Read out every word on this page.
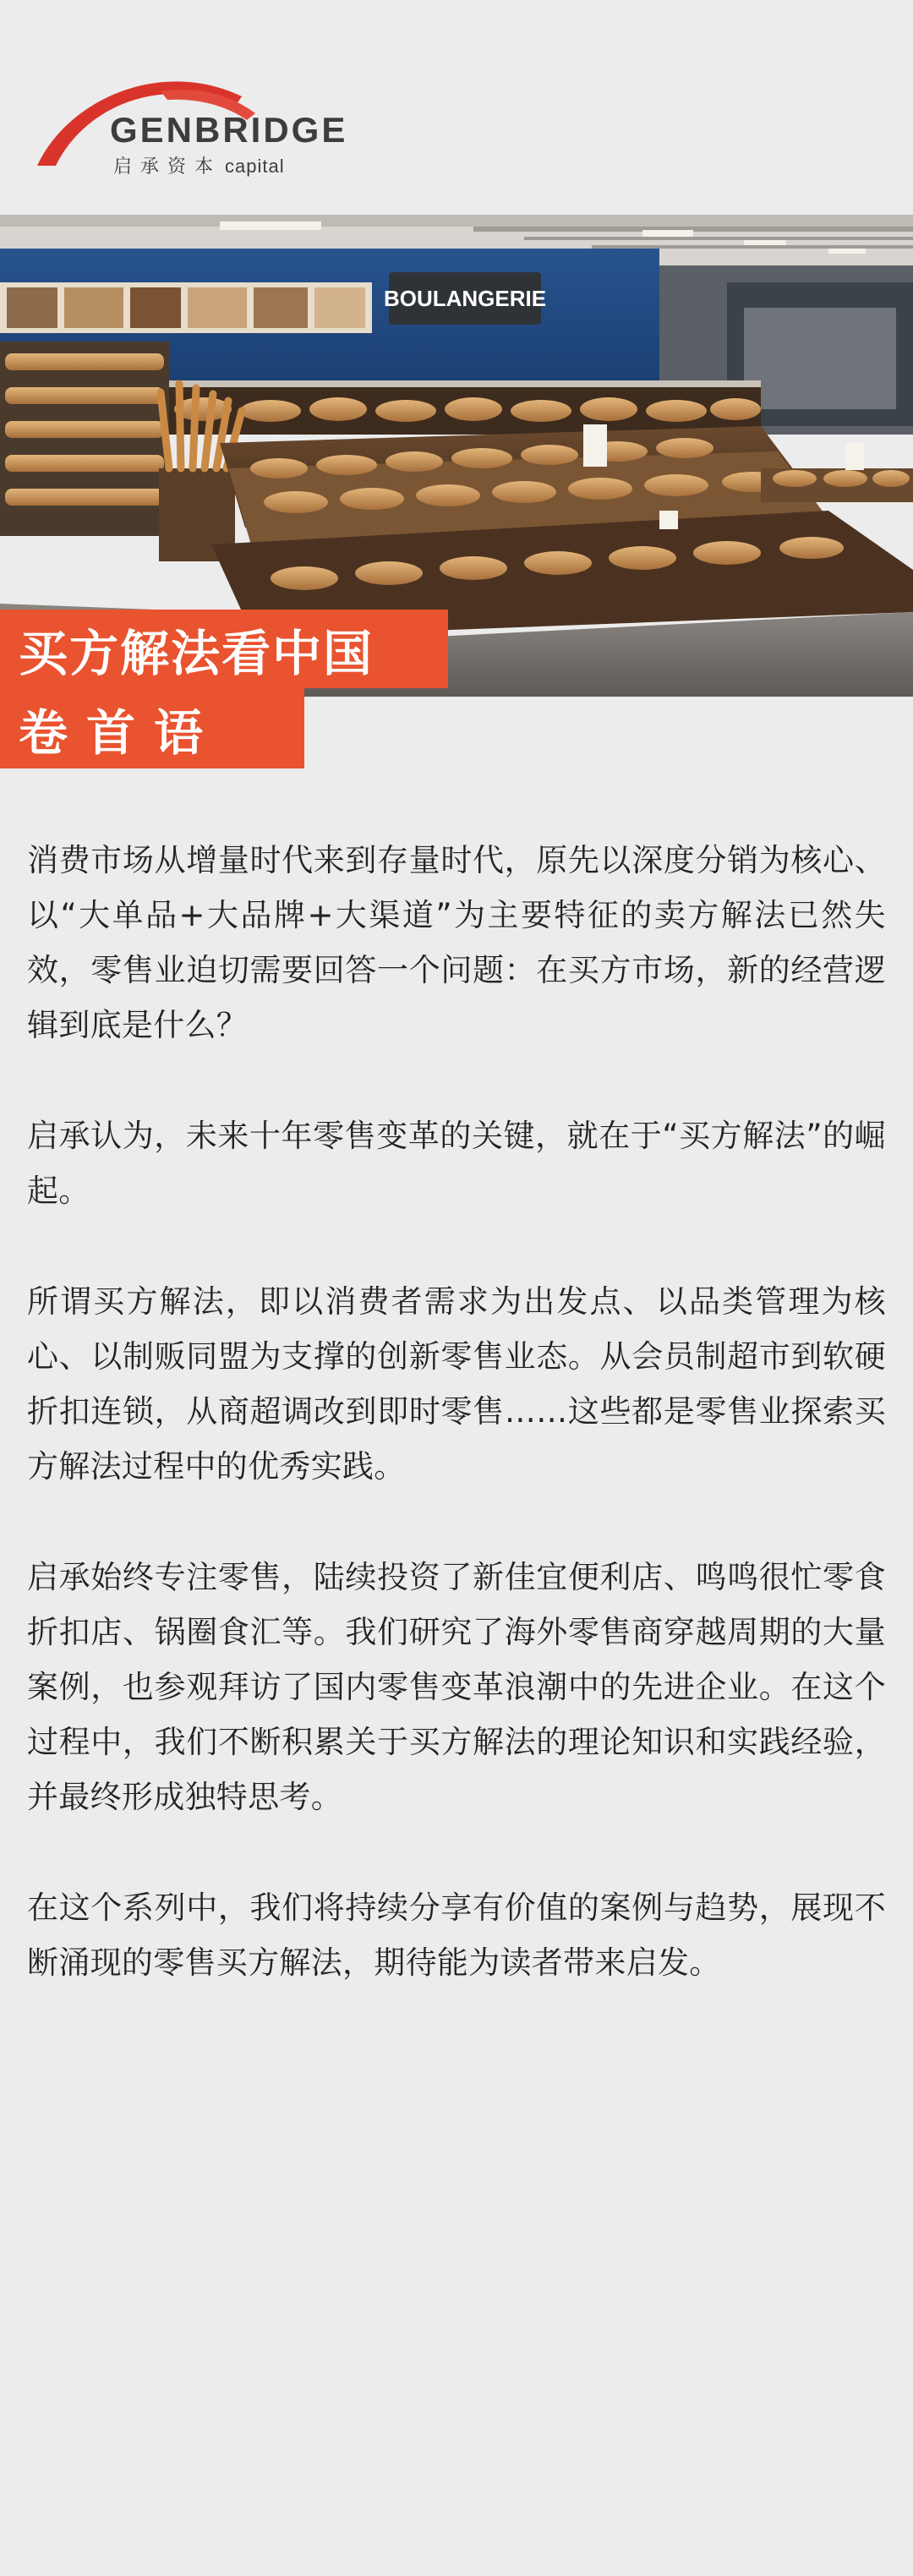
GENBRIDGE
启承资本 capital
BOULANGERIE
买方解法看中国
卷首语

消费市场从增量时代来到存量时代，原先以深度分销为核心、以“大单品+大品牌+大渠道”为主要特征的卖方解法已然失效，零售业迫切需要回答一个问题：在买方市场，新的经营逻辑到底是什么？

启承认为，未来十年零售变革的关键，就在于“买方解法”的崛起。

所谓买方解法，即以消费者需求为出发点、以品类管理为核心、以制贩同盟为支撑的创新零售业态。从会员制超市到软硬折扣连锁，从商超调改到即时零售……这些都是零售业探索买方解法过程中的优秀实践。

启承始终专注零售，陆续投资了新佳宜便利店、鸣鸣很忙零食折扣店、锅圈食汇等。我们研究了海外零售商穿越周期的大量案例，也参观拜访了国内零售变革浪潮中的先进企业。在这个过程中，我们不断积累关于买方解法的理论知识和实践经验，并最终形成独特思考。

在这个系列中，我们将持续分享有价值的案例与趋势，展现不断涌现的零售买方解法，期待能为读者带来启发。
